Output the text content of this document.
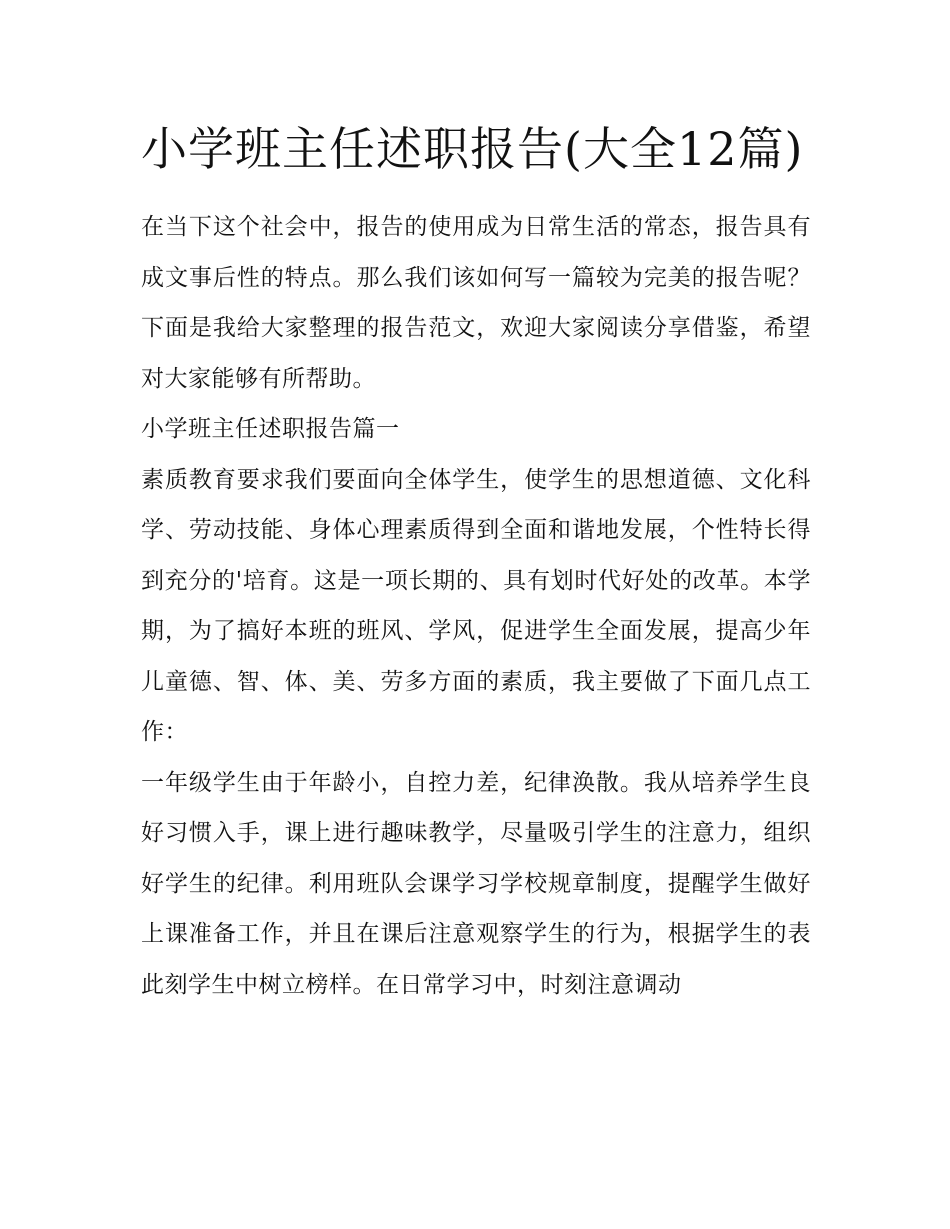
小学班主任述职报告(大全12篇)

在当下这个社会中，报告的使用成为日常生活的常态，报告具有成文事后性的特点。那么我们该如何写一篇较为完美的报告呢？下面是我给大家整理的报告范文，欢迎大家阅读分享借鉴，希望对大家能够有所帮助。

小学班主任述职报告篇一

素质教育要求我们要面向全体学生，使学生的思想道德、文化科学、劳动技能、身体心理素质得到全面和谐地发展，个性特长得到充分的'培育。这是一项长期的、具有划时代好处的改革。本学期，为了搞好本班的班风、学风，促进学生全面发展，提高少年儿童德、智、体、美、劳多方面的素质，我主要做了下面几点工作：

一年级学生由于年龄小，自控力差，纪律涣散。我从培养学生良好习惯入手，课上进行趣味教学，尽量吸引学生的注意力，组织好学生的纪律。利用班队会课学习学校规章制度，提醒学生做好上课准备工作，并且在课后注意观察学生的行为，根据学生的表此刻学生中树立榜样。在日常学习中，时刻注意调动
